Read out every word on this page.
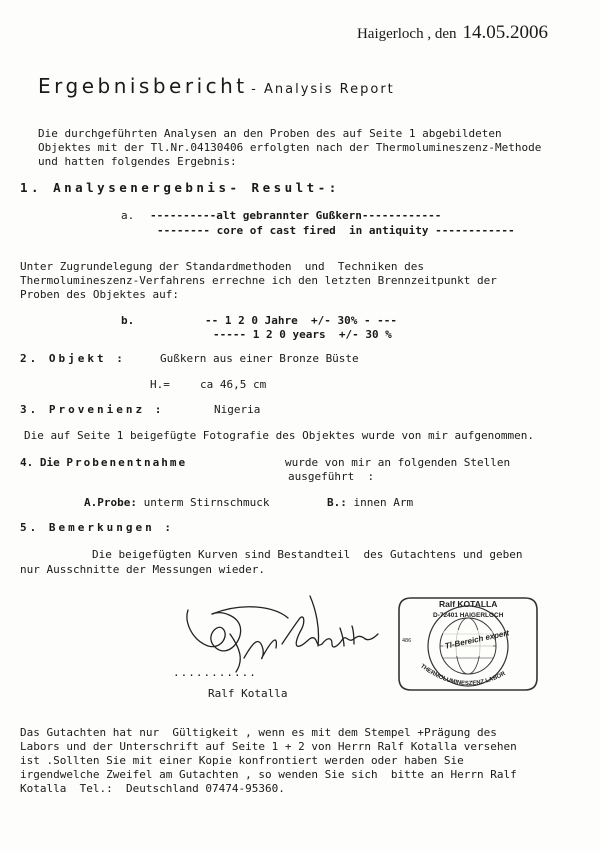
Haigerloch , den 14.05.2006
Ergebnisbericht - Analysis Report
Die durchgeführten Analysen an den Proben des auf Seite 1 abgebildeten
Objektes mit der Tl.Nr.04130406 erfolgten nach der Thermolumineszenz-Methode
und hatten folgendes Ergebnis:
1. Analysenergebnis- Result-:
a. ----------alt gebrannter Gußkern------------
-------- core of cast fired  in antiquity ------------
Unter Zugrundelegung der Standardmethoden  und  Techniken des
Thermolumineszenz-Verfahrens errechne ich den letzten Brennzeitpunkt der
Proben des Objektes auf:
b.	-- 1 2 0 Jahre  +/- 30% - ---
----- 1 2 0 years  +/- 30 %
2. Objekt :	Gußkern aus einer Bronze Büste
H.=	ca 46,5 cm
3. Provenienz :	Nigeria
Die auf Seite 1 beigefügte Fotografie des Objektes wurde von mir aufgenommen.
4. Die Probenentnahme	wurde von mir an folgenden Stellen
ausgeführt  :
A.Probe: unterm Stirnschmuck	B.: innen Arm
5. Bemerkungen :
Die beigefügten Kurven sind Bestandteil  des Gutachtens und geben
nur Ausschnitte der Messungen wieder.
Ralf Kotalla
...........
Ralf Kotalla
Ralf KOTALLA
D-72401 HAIGERLOCH
Tl-Bereich expert
486
THERMOLUMINESZENZ LABOR
Das Gutachten hat nur  Gültigkeit , wenn es mit dem Stempel +Prägung des
Labors und der Unterschrift auf Seite 1 + 2 von Herrn Ralf Kotalla versehen
ist .Sollten Sie mit einer Kopie konfrontiert werden oder haben Sie
irgendwelche Zweifel am Gutachten , so wenden Sie sich  bitte an Herrn Ralf
Kotalla  Tel.:  Deutschland 07474-95360.
